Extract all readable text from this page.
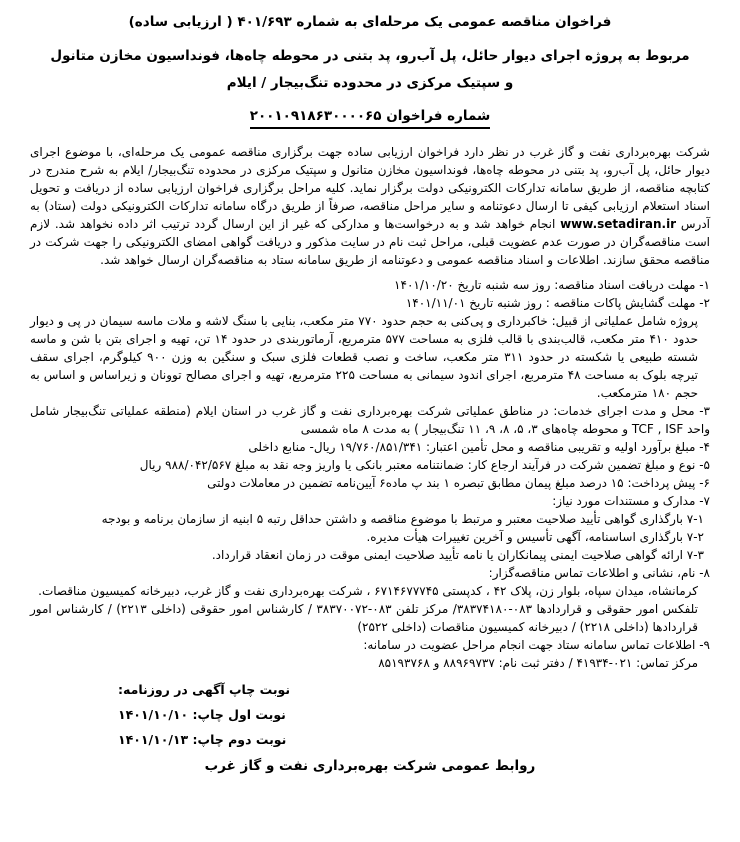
فراخوان مناقصه عمومی یک مرحله‌ای به شماره ۴۰۱/۶۹۳ ( ارزیابی ساده)
مربوط به پروژه اجرای دیوار حائل، پل آب‌رو، پد بتنی در محوطه چاه‌ها، فونداسیون مخازن متانول و سپتیک مرکزی در محدوده تنگ‌بیجار / ایلام
شماره فراخوان ۲۰۰۱۰۹۱۸۶۳۰۰۰۰۶۵

شرکت بهره‌برداری نفت و گاز غرب در نظر دارد فراخوان ارزیابی ساده جهت برگزاری مناقصه عمومی یک مرحله‌ای، با موضوع اجرای دیوار حائل، پل آب‌رو، پد بتنی در محوطه چاه‌ها، فونداسیون مخازن متانول و سپتیک مرکزی در محدوده تنگ‌بیجار/ ایلام به شرح مندرج در کتابچه مناقصه، از طریق سامانه تدارکات الکترونیکی دولت برگزار نماید. کلیه مراحل برگزاری فراخوان ارزیابی ساده از دریافت و تحویل اسناد استعلام ارزیابی کیفی تا ارسال دعوتنامه و سایر مراحل مناقصه، صرفاً از طریق درگاه سامانه تدارکات الکترونیکی دولت (ستاد) به آدرس www.setadiran.ir انجام خواهد شد و به درخواست‌ها و مدارکی که غیر از این ارسال گردد ترتیب اثر داده نخواهد شد. لازم است مناقصه‌گران در صورت عدم عضویت قبلی، مراحل ثبت نام در سایت مذکور و دریافت گواهی امضای الکترونیکی را جهت شرکت در مناقصه محقق سازند. اطلاعات و اسناد مناقصه عمومی و دعوتنامه از طریق سامانه ستاد به مناقصه‌گران ارسال خواهد شد.

۱- مهلت دریافت اسناد مناقصه: روز سه شنبه تاریخ ۱۴۰۱/۱۰/۲۰

۲- مهلت گشایش پاکات مناقصه : روز شنبه تاریخ ۱۴۰۱/۱۱/۰۱

پروژه شامل عملیاتی از قبیل: خاکبرداری و پی‌کنی به حجم حدود ۷۷۰ متر مکعب، بنایی با سنگ لاشه و ملات ماسه سیمان در پی و دیوار حدود ۴۱۰ متر مکعب، قالب‌بندی با قالب فلزی به مساحت ۵۷۷ مترمربع، آرماتوربندی در حدود ۱۴ تن، تهیه و اجرای بتن با شن و ماسه شسته طبیعی یا شکسته در حدود ۳۱۱ متر مکعب، ساخت و نصب قطعات فلزی سبک و سنگین به وزن ۹۰۰ کیلوگرم، اجرای سقف تیرچه بلوک به مساحت ۴۸ مترمربع، اجرای اندود سیمانی به مساحت ۲۲۵ مترمربع، تهیه و اجرای مصالح توونان و زیراساس و اساس به حجم ۱۸۰ مترمکعب.

۳- محل و مدت اجرای خدمات: در مناطق عملیاتی شرکت بهره‌برداری نفت و گاز غرب در استان ایلام (منطقه عملیاتی تنگ‌بیجار شامل واحد TCF , ISF و محوطه چاه‌های ۳، ۵، ۸، ۹، ۱۱ تنگ‌بیجار ) به مدت ۸ ماه شمسی

۴- مبلغ برآورد اولیه و تقریبی مناقصه و محل تأمین اعتبار: ۱۹/۷۶۰/۸۵۱/۳۴۱ ریال- منابع داخلی

۵- نوع و مبلغ تضمین شرکت در فرآیند ارجاع کار: ضمانتنامه معتبر بانکی یا واریز وجه نقد به مبلغ ۹۸۸/۰۴۲/۵۶۷ ریال

۶- پیش پرداخت: ۱۵ درصد مبلغ پیمان مطابق تبصره ۱ بند پ ماده۶ آیین‌نامه تضمین در معاملات دولتی

۷- مدارک و مستندات مورد نیاز:

۷-۱ بارگذاری گواهی تأیید صلاحیت معتبر و مرتبط با موضوع مناقصه و داشتن حداقل رتبه ۵ ابنیه از سازمان برنامه و بودجه

۷-۲ بارگذاری اساسنامه، آگهی تأسیس و آخرین تغییرات هیأت مدیره.

۷-۳ ارائه گواهی صلاحیت ایمنی پیمانکاران یا نامه تأیید صلاحیت ایمنی موقت در زمان انعقاد قرارداد.

۸- نام، نشانی و اطلاعات تماس مناقصه‌گزار:

کرمانشاه، میدان سپاه، بلوار زن، پلاک ۴۲ ، کدپستی ۶۷۱۴۶۷۷۷۴۵ ، شرکت بهره‌برداری نفت و گاز غرب، دبیرخانه کمیسیون مناقصات.

تلفکس امور حقوقی و قراردادها ۰۸۳-۳۸۳۷۴۱۸۰/ مرکز تلفن ۰۸۳-۳۸۳۷۰۰۷۲ / کارشناس امور حقوقی (داخلی ۲۲۱۳) / کارشناس امور قراردادها (داخلی ۲۲۱۸) / دبیرخانه کمیسیون مناقصات (داخلی ۲۵۲۲)

۹- اطلاعات تماس سامانه ستاد جهت انجام مراحل عضویت در سامانه:

مرکز تماس: ۰۲۱-۴۱۹۳۴ / دفتر ثبت نام: ۸۸۹۶۹۷۳۷ و ۸۵۱۹۳۷۶۸

نوبت چاپ آگهی در روزنامه:
نوبت اول چاپ: ۱۴۰۱/۱۰/۱۰
نوبت دوم چاپ: ۱۴۰۱/۱۰/۱۳
روابط عمومی شرکت بهره‌برداری نفت و گاز غرب
